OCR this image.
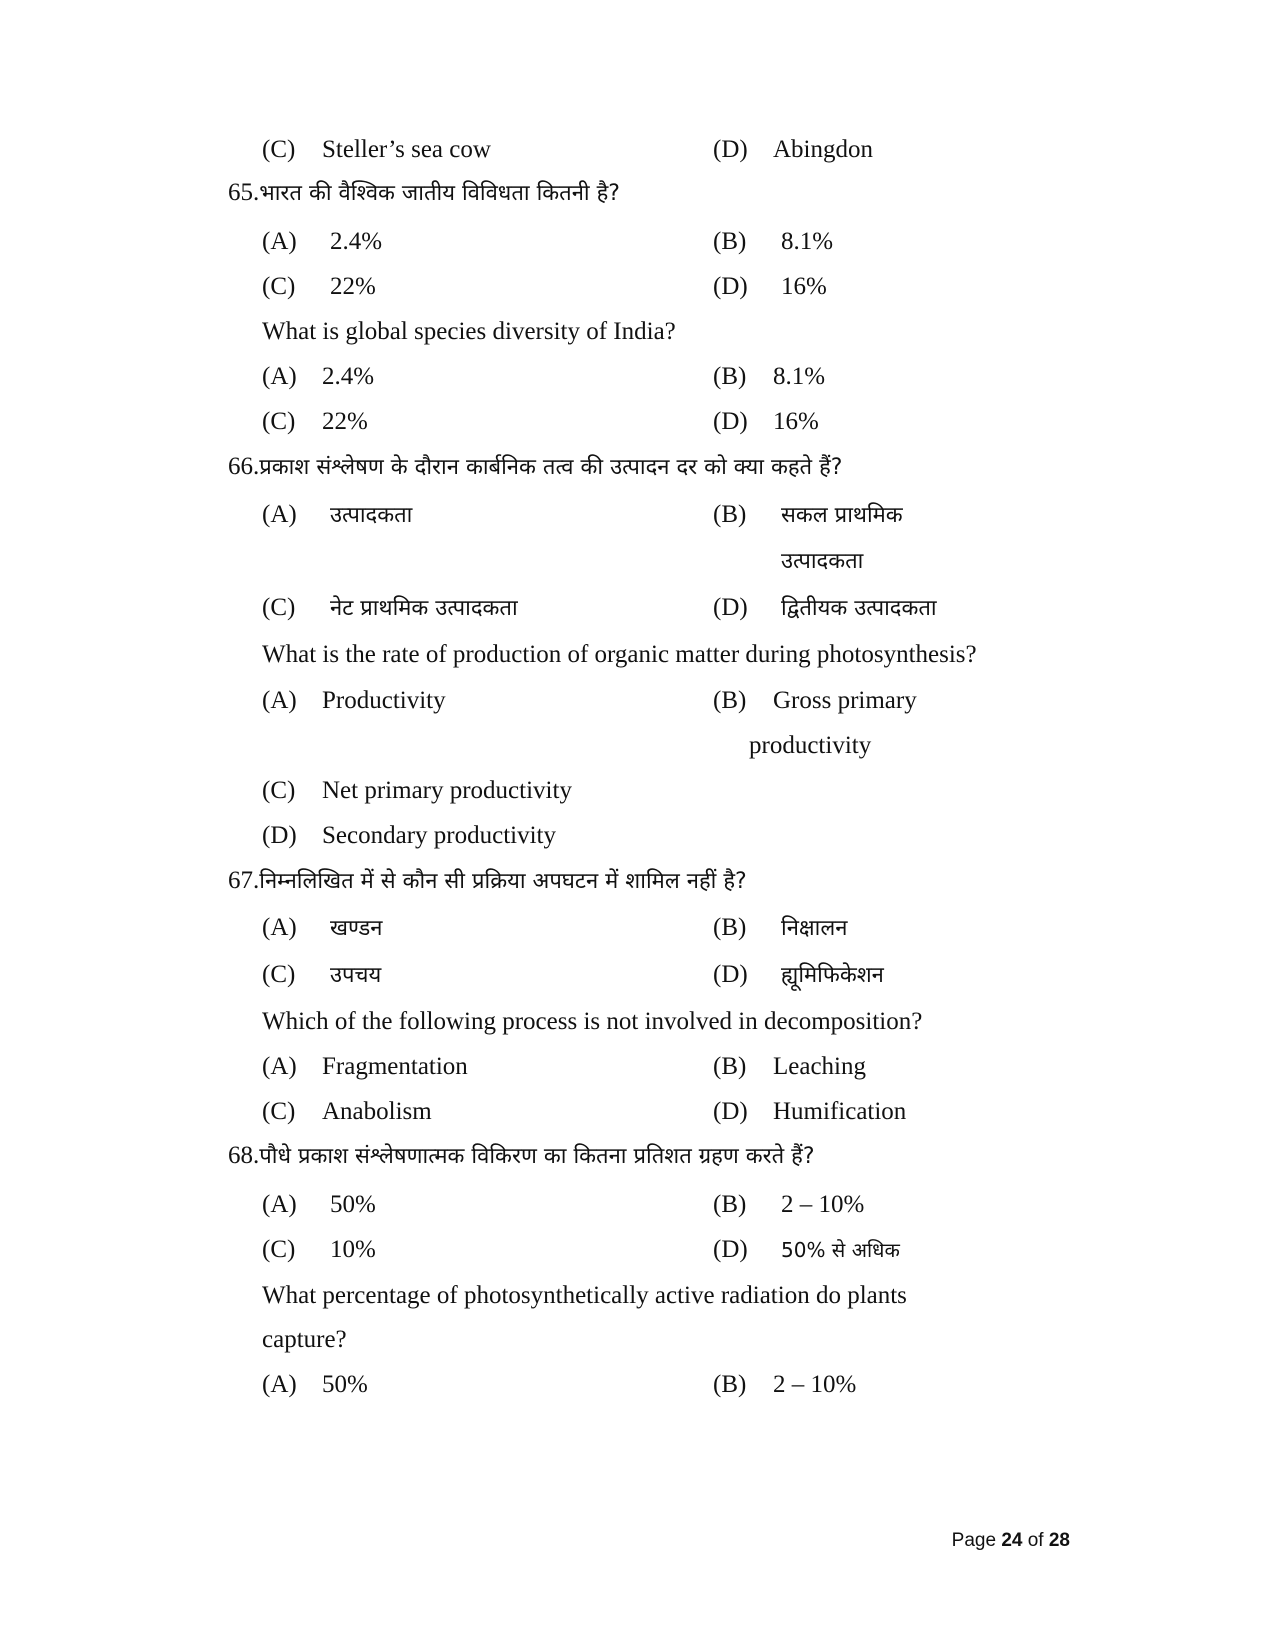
(C) Steller’s sea cow	(D) Abingdon
65.भारत की वैश्विक जातीय विविधता कितनी है?
(A) 2.4%	(B) 8.1%
(C) 22%	(D) 16%
What is global species diversity of India?
(A) 2.4%	(B) 8.1%
(C) 22%	(D) 16%
66.प्रकाश संश्लेषण के दौरान कार्बनिक तत्व की उत्पादन दर को क्या कहते हैं?
(A) उत्पादकता	(B) सकल प्राथमिक
उत्पादकता
(C) नेट प्राथमिक उत्पादकता	(D) द्वितीयक उत्पादकता
What is the rate of production of organic matter during photosynthesis?
(A) Productivity	(B) Gross primary
productivity
(C) Net primary productivity
(D) Secondary productivity
67.निम्नलिखित में से कौन सी प्रक्रिया अपघटन में शामिल नहीं है?
(A) खण्डन	(B) निक्षालन
(C) उपचय	(D) ह्यूमिफिकेशन
Which of the following process is not involved in decomposition?
(A) Fragmentation	(B) Leaching
(C) Anabolism	(D) Humification
68.पौधे प्रकाश संश्लेषणात्मक विकिरण का कितना प्रतिशत ग्रहण करते हैं?
(A) 50%	(B) 2 – 10%
(C) 10%	(D) 50% से अधिक
What percentage of photosynthetically active radiation do plants
capture?
(A) 50%	(B) 2 – 10%
Page 24 of 28
